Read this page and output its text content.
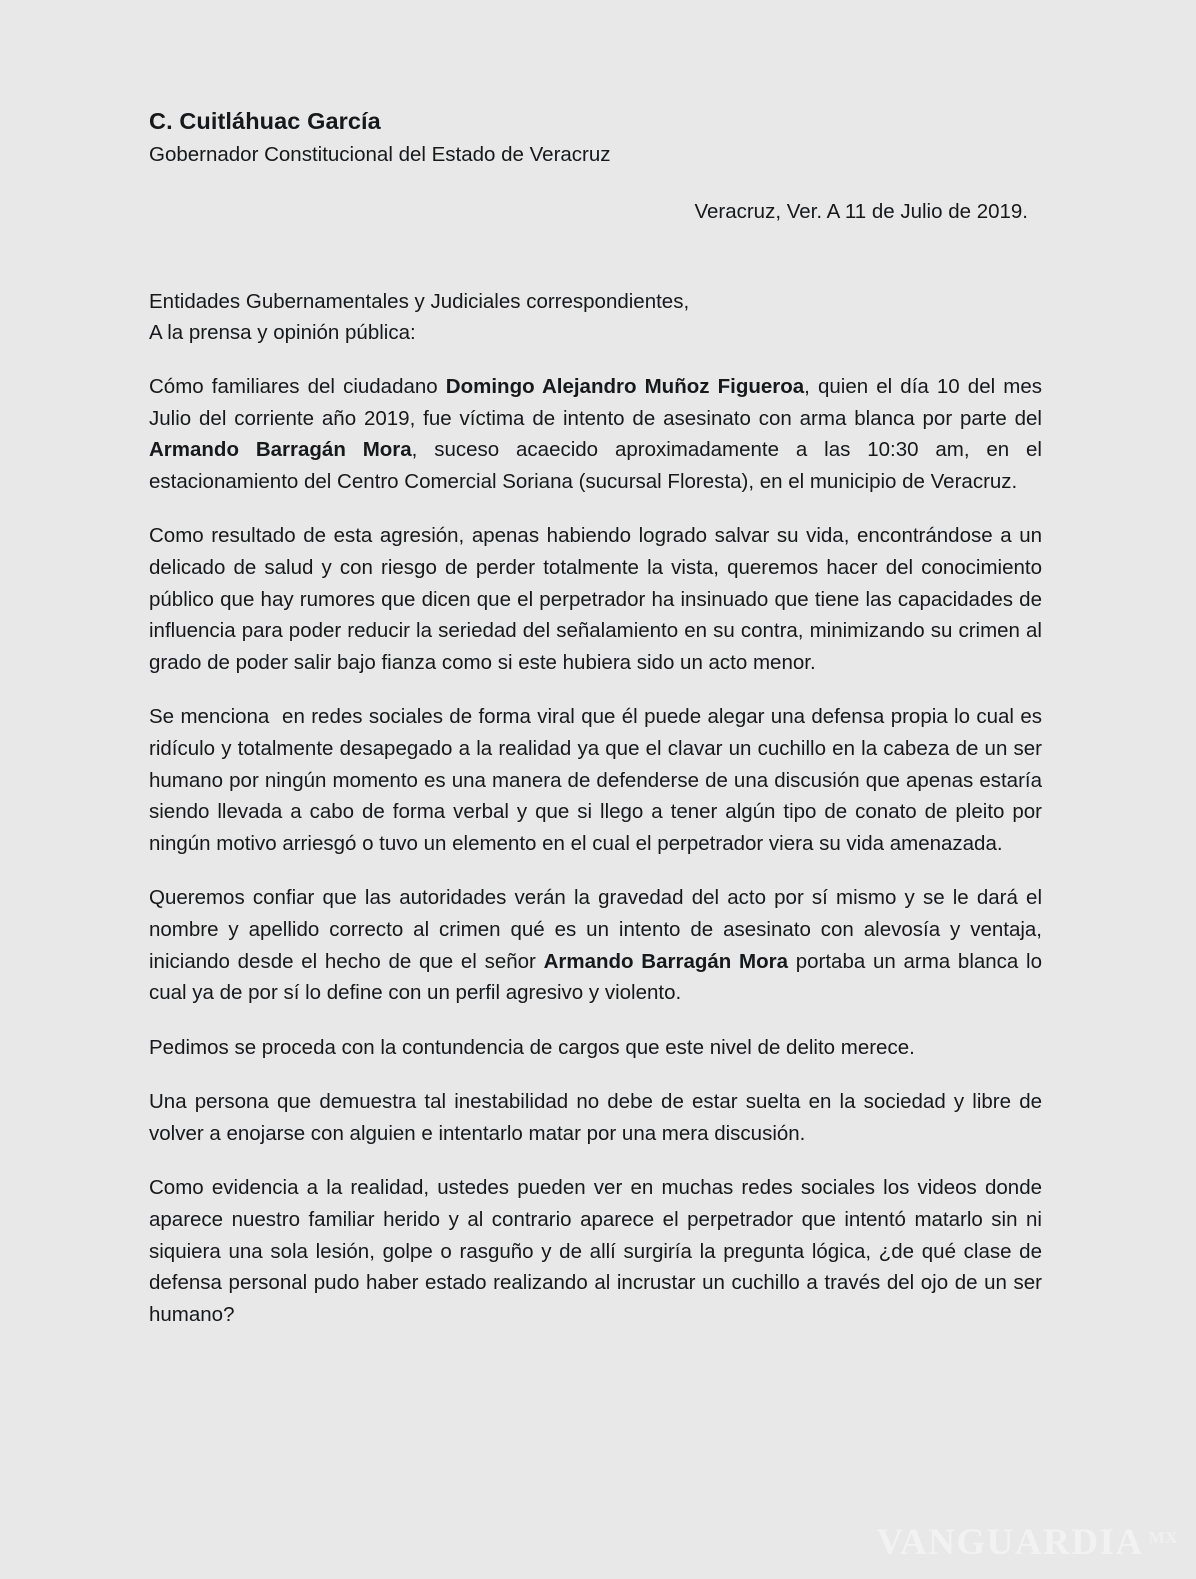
C. Cuitláhuac García

Gobernador Constitucional del Estado de Veracruz

Veracruz, Ver. A 11 de Julio de 2019.
Entidades Gubernamentales y Judiciales correspondientes,
A la prensa y opinión pública:

Cómo familiares del ciudadano Domingo Alejandro Muñoz Figueroa, quien el día 10 del mes Julio del corriente año 2019, fue víctima de intento de asesinato con arma blanca por parte del Armando Barragán Mora, suceso acaecido aproximadamente a las 10:30 am, en el estacionamiento del Centro Comercial Soriana (sucursal Floresta), en el municipio de Veracruz.

Como resultado de esta agresión, apenas habiendo logrado salvar su vida, encontrándose a un delicado de salud y con riesgo de perder totalmente la vista, queremos hacer del conocimiento público que hay rumores que dicen que el perpetrador ha insinuado que tiene las capacidades de influencia para poder reducir la seriedad del señalamiento en su contra, minimizando su crimen al grado de poder salir bajo fianza como si este hubiera sido un acto menor.

Se menciona  en redes sociales de forma viral que él puede alegar una defensa propia lo cual es ridículo y totalmente desapegado a la realidad ya que el clavar un cuchillo en la cabeza de un ser humano por ningún momento es una manera de defenderse de una discusión que apenas estaría siendo llevada a cabo de forma verbal y que si llego a tener algún tipo de conato de pleito por ningún motivo arriesgó o tuvo un elemento en el cual el perpetrador viera su vida amenazada.

Queremos confiar que las autoridades verán la gravedad del acto por sí mismo y se le dará el nombre y apellido correcto al crimen qué es un intento de asesinato con alevosía y ventaja, iniciando desde el hecho de que el señor Armando Barragán Mora portaba un arma blanca lo cual ya de por sí lo define con un perfil agresivo y violento.

Pedimos se proceda con la contundencia de cargos que este nivel de delito merece.

Una persona que demuestra tal inestabilidad no debe de estar suelta en la sociedad y libre de volver a enojarse con alguien e intentarlo matar por una mera discusión.

Como evidencia a la realidad, ustedes pueden ver en muchas redes sociales los videos donde aparece nuestro familiar herido y al contrario aparece el perpetrador que intentó matarlo sin ni siquiera una sola lesión, golpe o rasguño y de allí surgiría la pregunta lógica, ¿de qué clase de defensa personal pudo haber estado realizando al incrustar un cuchillo a través del ojo de un ser humano?

VANGUARDIA MX
